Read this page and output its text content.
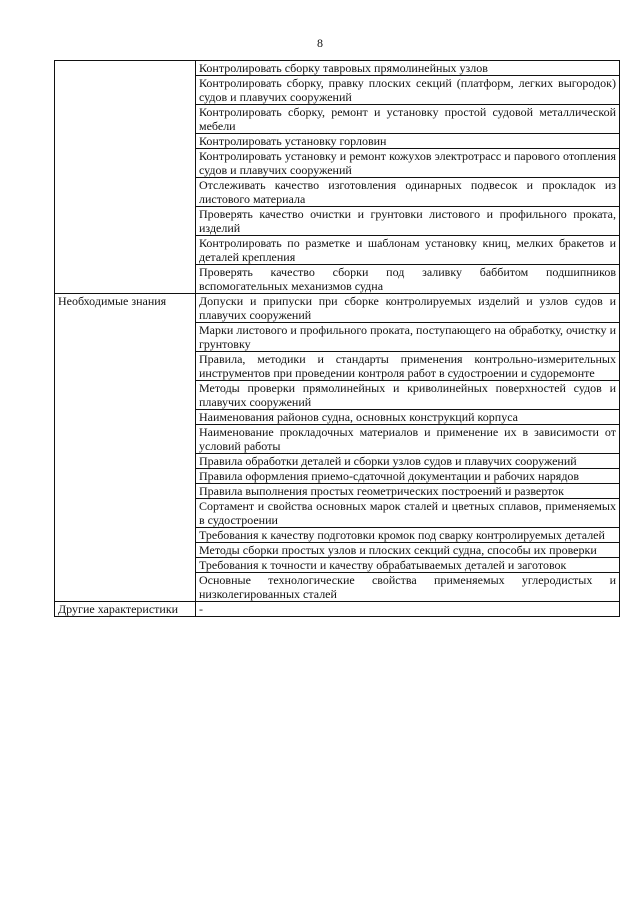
8
	Контролировать сборку тавровых прямолинейных узлов
	Контролировать сборку, правку плоских секций (платформ, легких выгородок) судов и плавучих сооружений
	Контролировать сборку, ремонт и установку простой судовой металлической мебели
	Контролировать установку горловин
	Контролировать установку и ремонт кожухов электротрасс и парового отопления судов и плавучих сооружений
	Отслеживать качество изготовления одинарных подвесок и прокладок из листового материала
	Проверять качество очистки и грунтовки листового и профильного проката, изделий
	Контролировать по разметке и шаблонам установку книц, мелких бракетов и деталей крепления
	Проверять качество сборки под заливку баббитом подшипников вспомогательных механизмов судна
Необходимые знания	Допуски и припуски при сборке контролируемых изделий и узлов судов и плавучих сооружений
	Марки листового и профильного проката, поступающего на обработку, очистку и грунтовку
	Правила, методики и стандарты применения контрольно-измерительных инструментов при проведении контроля работ в судостроении и судоремонте
	Методы проверки прямолинейных и криволинейных поверхностей судов и плавучих сооружений
	Наименования районов судна, основных конструкций корпуса
	Наименование прокладочных материалов и применение их в зависимости от условий работы
	Правила обработки деталей и сборки узлов судов и плавучих сооружений
	Правила оформления приемо-сдаточной документации и рабочих нарядов
	Правила выполнения простых геометрических построений и разверток
	Сортамент и свойства основных марок сталей и цветных сплавов, применяемых в судостроении
	Требования к качеству подготовки кромок под сварку контролируемых деталей
	Методы сборки простых узлов и плоских секций судна, способы их проверки
	Требования к точности и качеству обрабатываемых деталей и заготовок
	Основные технологические свойства применяемых углеродистых и низколегированных сталей
Другие характеристики	-
